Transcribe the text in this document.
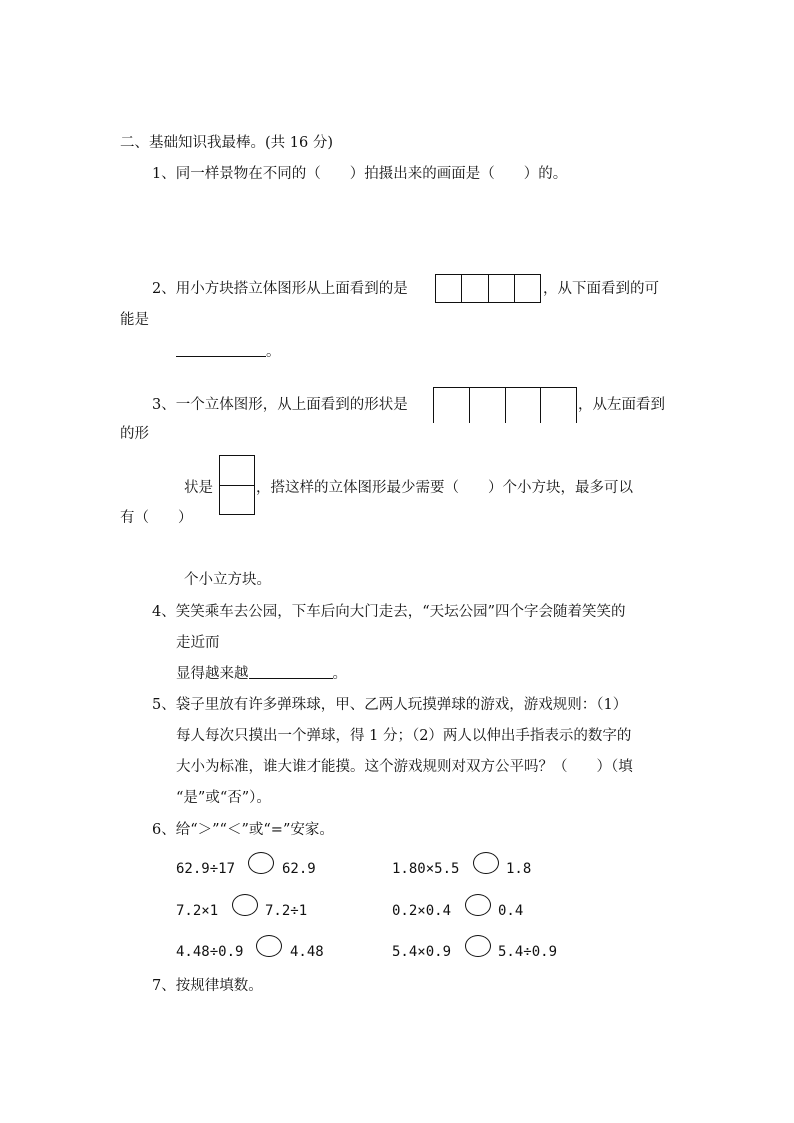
二、基础知识我最棒。(共 16 分)
1、同一样景物在不同的（　　）拍摄出来的画面是（　　）的。
2、用小方块搭立体图形从上面看到的是	，从下面看到的可
能是
。
3、一个立体图形，从上面看到的形状是	，从左面看到
的形
状是	，搭这样的立体图形最少需要（　　）个小方块，最多可以
有（　　）
个小立方块。
4、笑笑乘车去公园，下车后向大门走去，“天坛公园”四个字会随着笑笑的
走近而
显得越来越	。
5、袋子里放有许多弹珠球，甲、乙两人玩摸弹球的游戏，游戏规则：（1）
每人每次只摸出一个弹球，得 1 分；（2）两人以伸出手指表示的数字的
大小为标准，谁大谁才能摸。这个游戏规则对双方公平吗？（　　）（填
“是”或“否”）。
6、给“＞”“＜”或“=”安家。
62.9÷17	62.9	1.80×5.5	1.8
7.2×1	7.2÷1	0.2×0.4	0.4
4.48÷0.9	4.48	5.4×0.9	5.4÷0.9
7、按规律填数。
